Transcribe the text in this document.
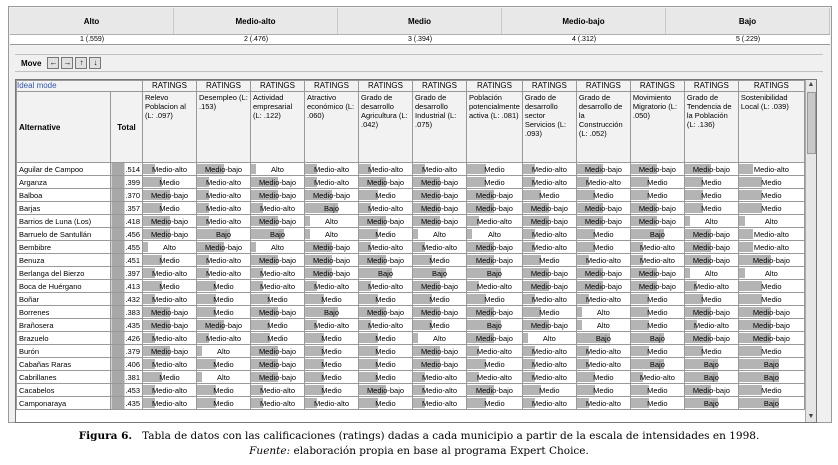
Alto	Medio-alto	Medio	Medio-bajo	Bajo
1 (.559)	2 (.476)	3 (.394)	4 (.312)	5 (.229)
Move ← →	↑	↓
Ideal mode		RATINGS	RATINGS	RATINGS	RATINGS	RATINGS	RATINGS	RATINGS	RATINGS	RATINGS	RATINGS	RATINGS	RATINGS
Alternative	Total	Relevo Poblacion al (L: .097)	Desempleo (L: .153)	Actividad empresarial (L: .122)	Atractivo económico (L: .060)	Grado de desarrollo Agricultura (L: .042)	Grado de desarrollo Industrial (L: .075)	Población potencialmente activa (L: .081)	Grado de desarrollo sector Servicios (L: .093)	Grado de desarrollo de la Construcción (L: .052)	Movimiento Migratorio (L: .050)	Grado de Tendencia de la Población (L: .136)	Sostenibilidad Local (L: .039)
Aguilar de Campoo	.514	Medio-alto	Medio-bajo	Alto	Medio-alto	Medio-alto	Medio-alto	Medio	Medio-alto	Medio-bajo	Medio-bajo	Medio-bajo	Medio-alto
Arganza	.399	Medio	Medio-alto	Medio-bajo	Medio-alto	Medio-bajo	Medio-bajo	Medio	Medio-alto	Medio-alto	Medio	Medio	Medio
Balboa	.370	Medio-bajo	Medio-alto	Medio-bajo	Medio-bajo	Medio	Medio-bajo	Medio-bajo	Medio	Medio	Medio	Medio	Medio
Barjas	.357	Medio	Medio-alto	Medio-alto	Bajo	Medio-alto	Medio-bajo	Medio-bajo	Medio-bajo	Medio-bajo	Medio-bajo	Medio	Medio
Barrios de Luna (Los)	.418	Medio-bajo	Medio-alto	Medio-bajo	Alto	Medio-bajo	Medio-bajo	Medio-alto	Medio-bajo	Medio-bajo	Medio-bajo	Alto	Alto
Barruelo de Santullán	.456	Medio-bajo	Bajo	Bajo	Alto	Medio	Alto	Alto	Medio-alto	Medio	Bajo	Medio-bajo	Medio-alto
Bembibre	.455	Alto	Medio-bajo	Alto	Medio-bajo	Medio-alto	Medio-alto	Medio-bajo	Medio-alto	Medio	Medio-alto	Medio-bajo	Medio-alto
Benuza	.451	Medio	Medio-alto	Medio-bajo	Medio-bajo	Medio-bajo	Medio	Medio-bajo	Medio	Medio-alto	Medio-alto	Medio-bajo	Medio-bajo
Berlanga del Bierzo	.397	Medio-alto	Medio-alto	Medio-alto	Medio-bajo	Bajo	Bajo	Bajo	Medio-bajo	Medio-bajo	Medio-bajo	Alto	Alto
Boca de Huérgano	.413	Medio	Medio	Medio-alto	Medio-alto	Medio-alto	Medio-bajo	Medio-alto	Medio-bajo	Medio-bajo	Medio-bajo	Medio-alto	Medio
Boñar	.432	Medio-alto	Medio	Medio	Medio	Medio	Medio	Medio	Medio-alto	Medio-alto	Medio	Medio	Medio
Borrenes	.383	Medio-bajo	Medio	Medio-bajo	Bajo	Medio-bajo	Medio-bajo	Medio-bajo	Medio	Alto	Medio	Medio-bajo	Medio-bajo
Brañosera	.435	Medio-bajo	Medio-bajo	Medio	Medio-alto	Medio-alto	Medio	Bajo	Medio-bajo	Alto	Medio	Medio-alto	Medio-bajo
Brazuelo	.426	Medio-alto	Medio-alto	Medio	Medio	Medio	Alto	Medio-bajo	Alto	Bajo	Bajo	Medio-bajo	Medio-bajo
Burón	.379	Medio-bajo	Alto	Medio-bajo	Medio	Medio	Medio-bajo	Medio-alto	Medio-alto	Medio-alto	Medio	Medio	Medio
Cabañas Raras	.406	Medio-alto	Medio	Medio-bajo	Medio	Medio	Medio-bajo	Medio	Medio-alto	Medio-alto	Bajo	Bajo	Bajo
Cabrillanes	.381	Medio	Alto	Medio-bajo	Medio	Medio	Medio-alto	Medio-alto	Medio-alto	Medio	Medio-alto	Bajo	Bajo
Cacabelos	.453	Medio-alto	Medio	Medio-alto	Medio	Medio-bajo	Medio-alto	Medio-bajo	Medio	Medio	Medio	Medio-bajo	Medio
Camponaraya	.435	Medio-alto	Medio	Medio-alto	Medio-alto	Medio	Medio-alto	Medio	Medio-alto	Medio-alto	Medio	Bajo	Bajo
▲
▼
Figura 6. Tabla de datos con las calificaciones (ratings) dadas a cada municipio a partir de la escala de intensidades en 1998.
Fuente: elaboración propia en base al programa Expert Choice.
